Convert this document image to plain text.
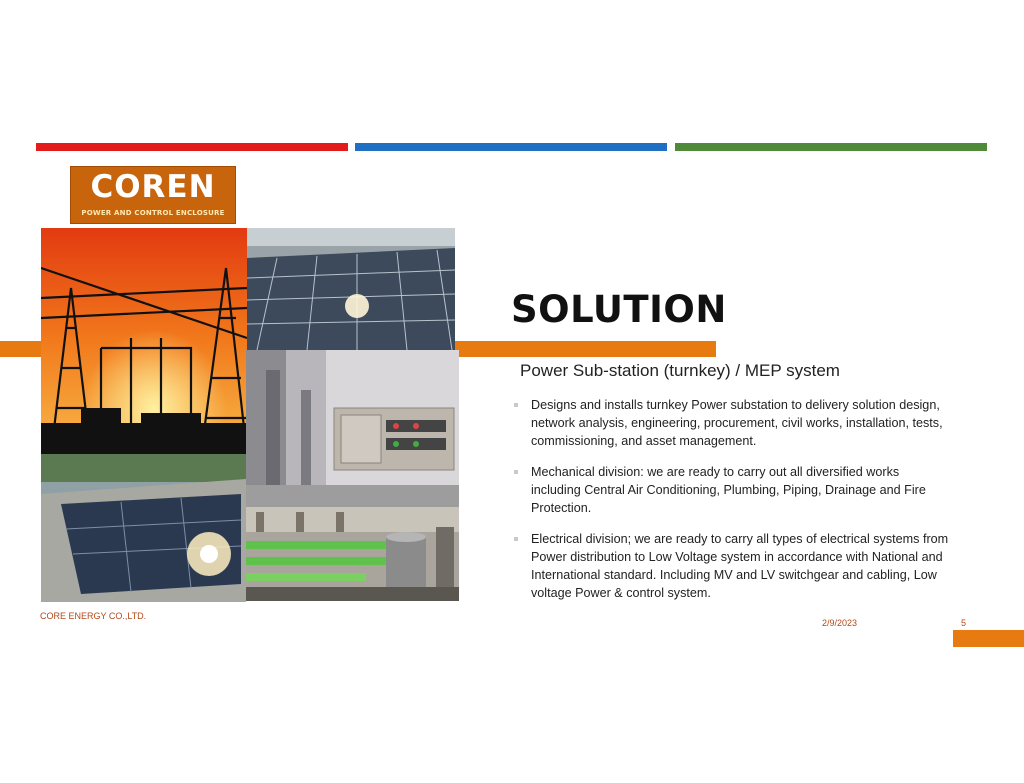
COREN
POWER AND CONTROL ENCLOSURE
SOLUTION
Power Sub-station (turnkey) / MEP system
Designs and installs turnkey Power substation to delivery solution design, network analysis, engineering, procurement, civil works, installation, tests, commissioning, and asset management.
Mechanical division: we are ready to carry out all diversified works including Central Air Conditioning, Plumbing, Piping, Drainage and Fire Protection.
Electrical division; we are ready to carry all types of electrical systems from Power distribution to Low Voltage system in accordance with National and International standard. Including MV and LV switchgear and cabling, Low voltage Power & control system.
CORE ENERGY CO.,LTD.
2/9/2023	5
